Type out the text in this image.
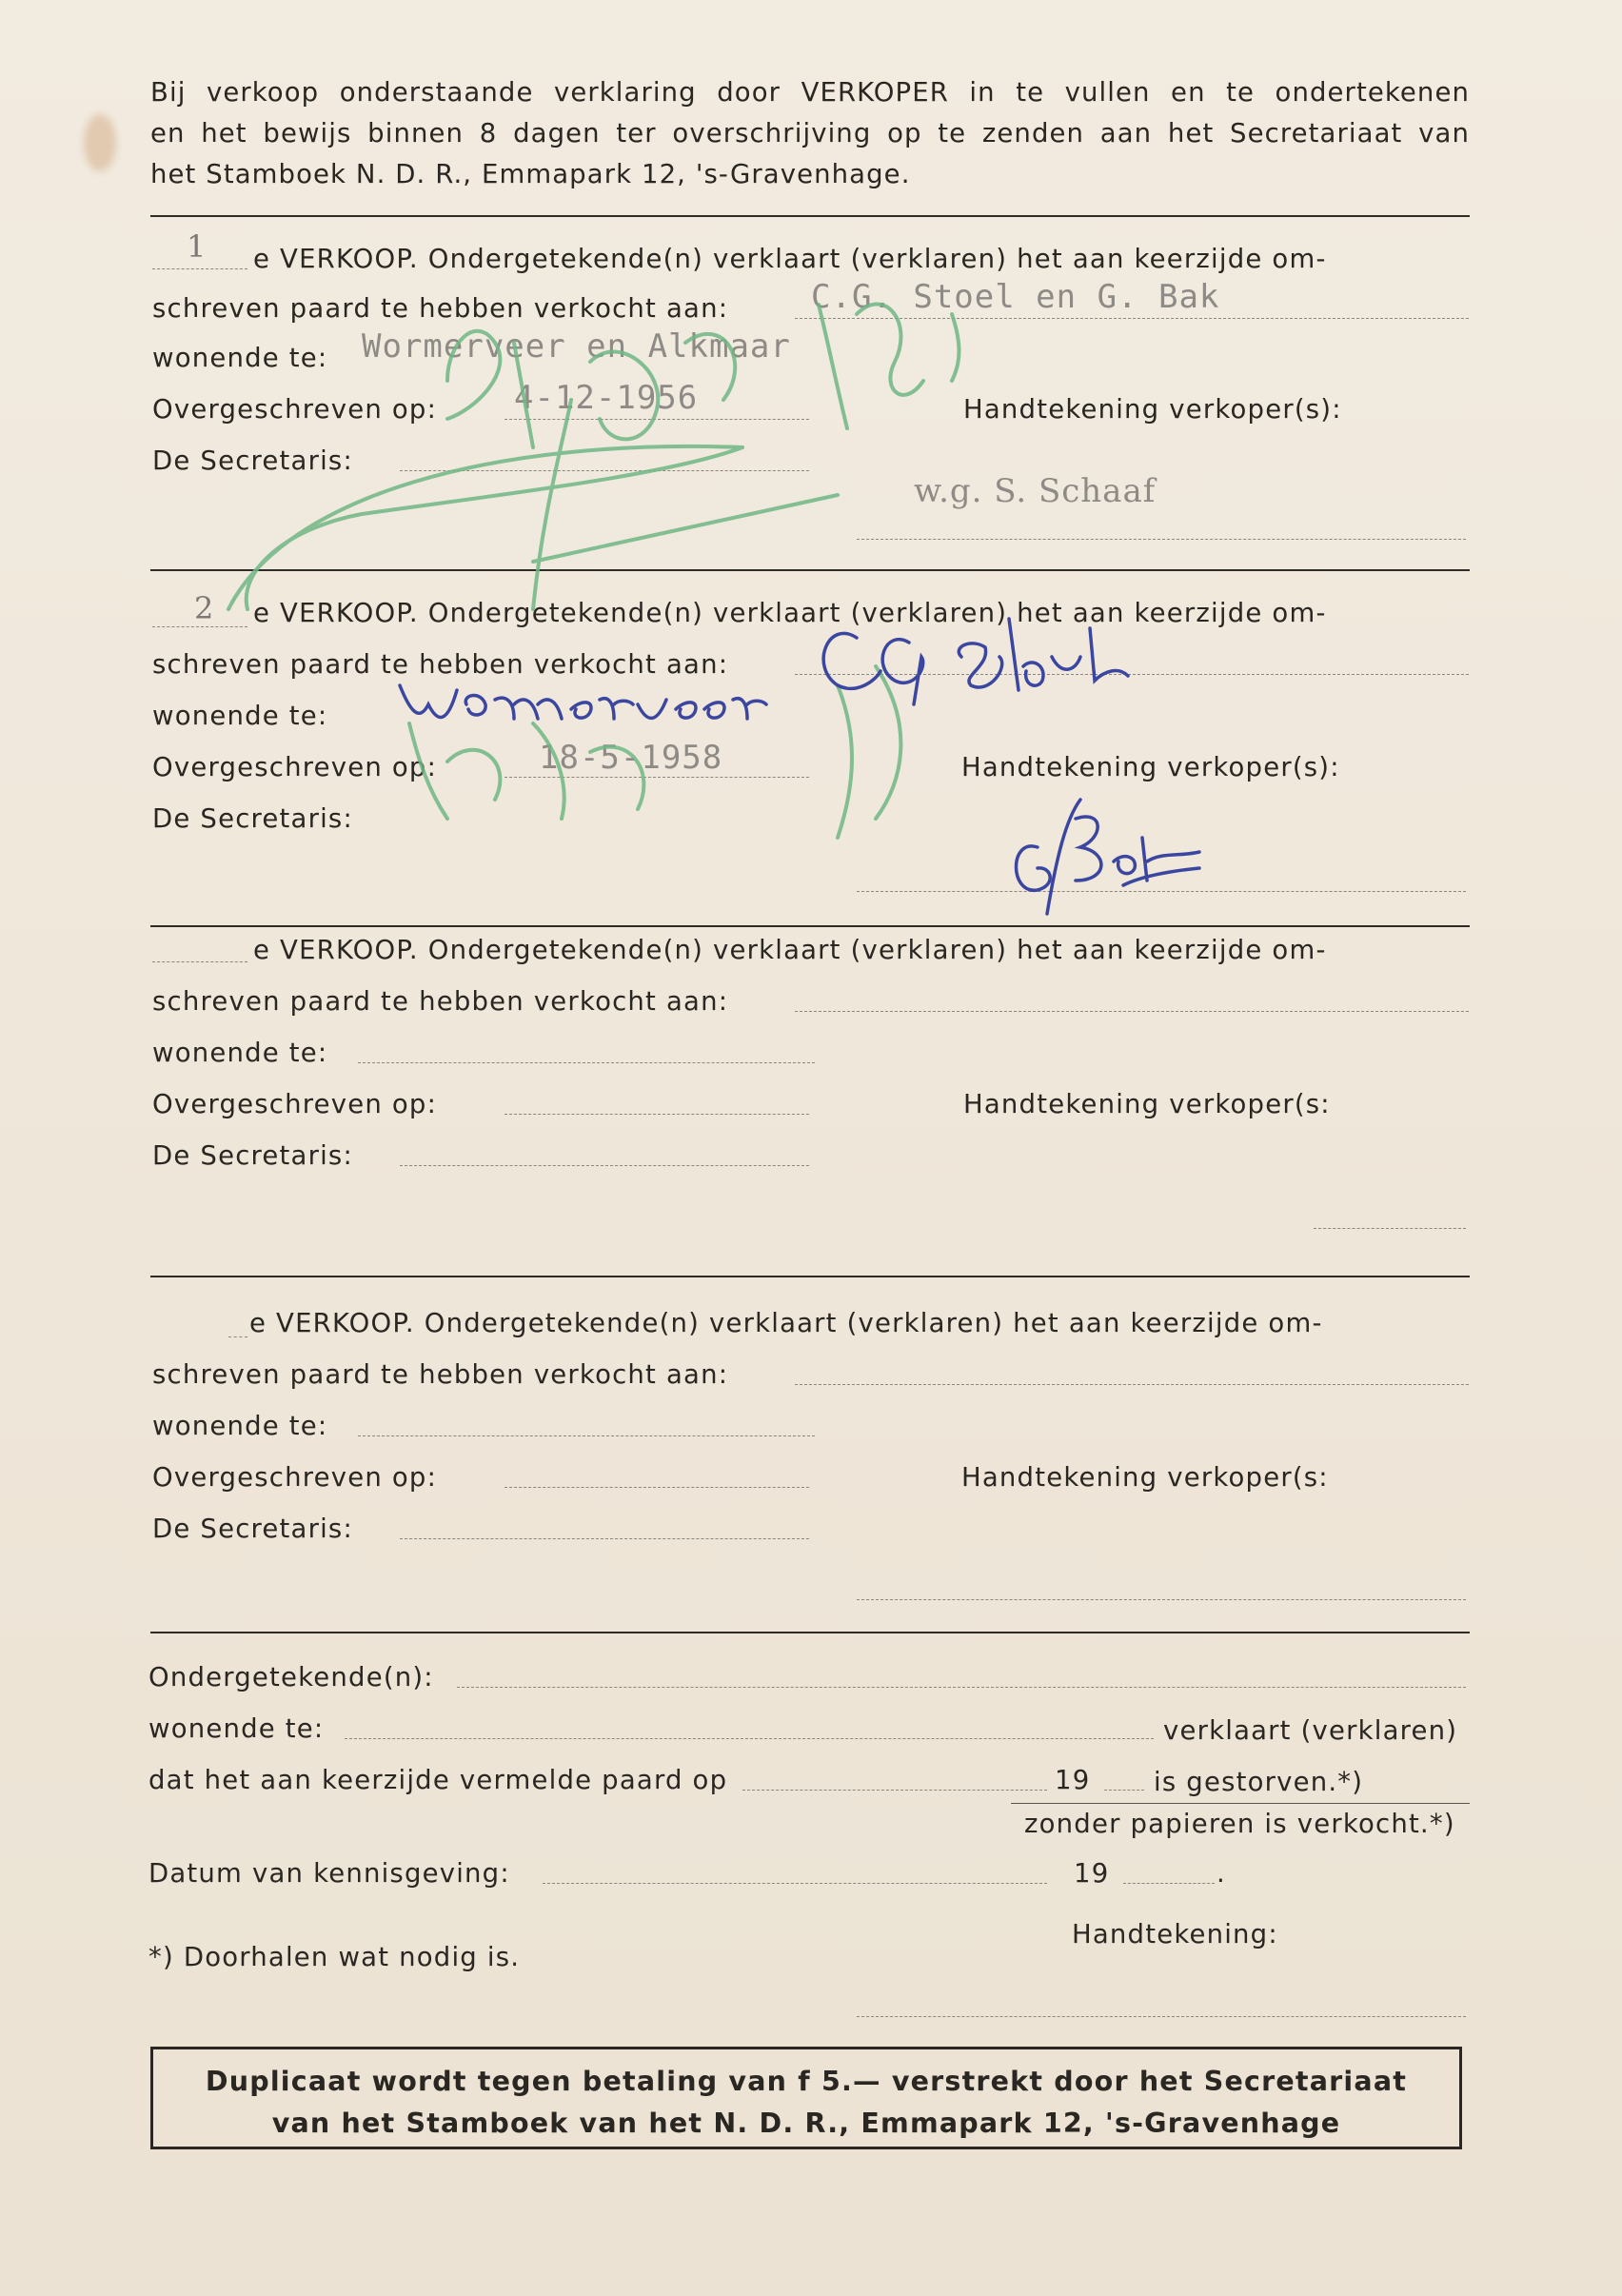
Bij verkoop onderstaande verklaring door VERKOPER in te vullen en te ondertekenen
en het bewijs binnen 8 dagen ter overschrijving op te zenden aan het Secretariaat van
het Stamboek N. D. R., Emmapark 12, 's-Gravenhage.
1 e VERKOOP. Ondergetekende(n) verklaart (verklaren) het aan keerzijde om-
schreven paard te hebben verkocht aan:	C.G. Stoel en G. Bak
wonende te: Wormerveer en Alkmaar
Overgeschreven op: 4-12-1956	Handtekening verkoper(s):
De Secretaris:
w.g. S. Schaaf
2 e VERKOOP. Ondergetekende(n) verklaart (verklaren) het aan keerzijde om-
schreven paard te hebben verkocht aan:
wonende te:
Overgeschreven op:	18-5-1958	Handtekening verkoper(s):
De Secretaris:
e VERKOOP. Ondergetekende(n) verklaart (verklaren) het aan keerzijde om-
schreven paard te hebben verkocht aan:
wonende te:
Overgeschreven op:	Handtekening verkoper(s:
De Secretaris:
e VERKOOP. Ondergetekende(n) verklaart (verklaren) het aan keerzijde om-
schreven paard te hebben verkocht aan:
wonende te:
Overgeschreven op:	Handtekening verkoper(s:
De Secretaris:
Ondergetekende(n):
wonende te:	verklaart (verklaren)
dat het aan keerzijde vermelde paard op	19 is gestorven.*)
zonder papieren is verkocht.*)
Datum van kennisgeving:	19	.
Handtekening:
*) Doorhalen wat nodig is.
Duplicaat wordt tegen betaling van f 5.— verstrekt door het Secretariaat
van het Stamboek van het N. D. R., Emmapark 12, 's-Gravenhage
